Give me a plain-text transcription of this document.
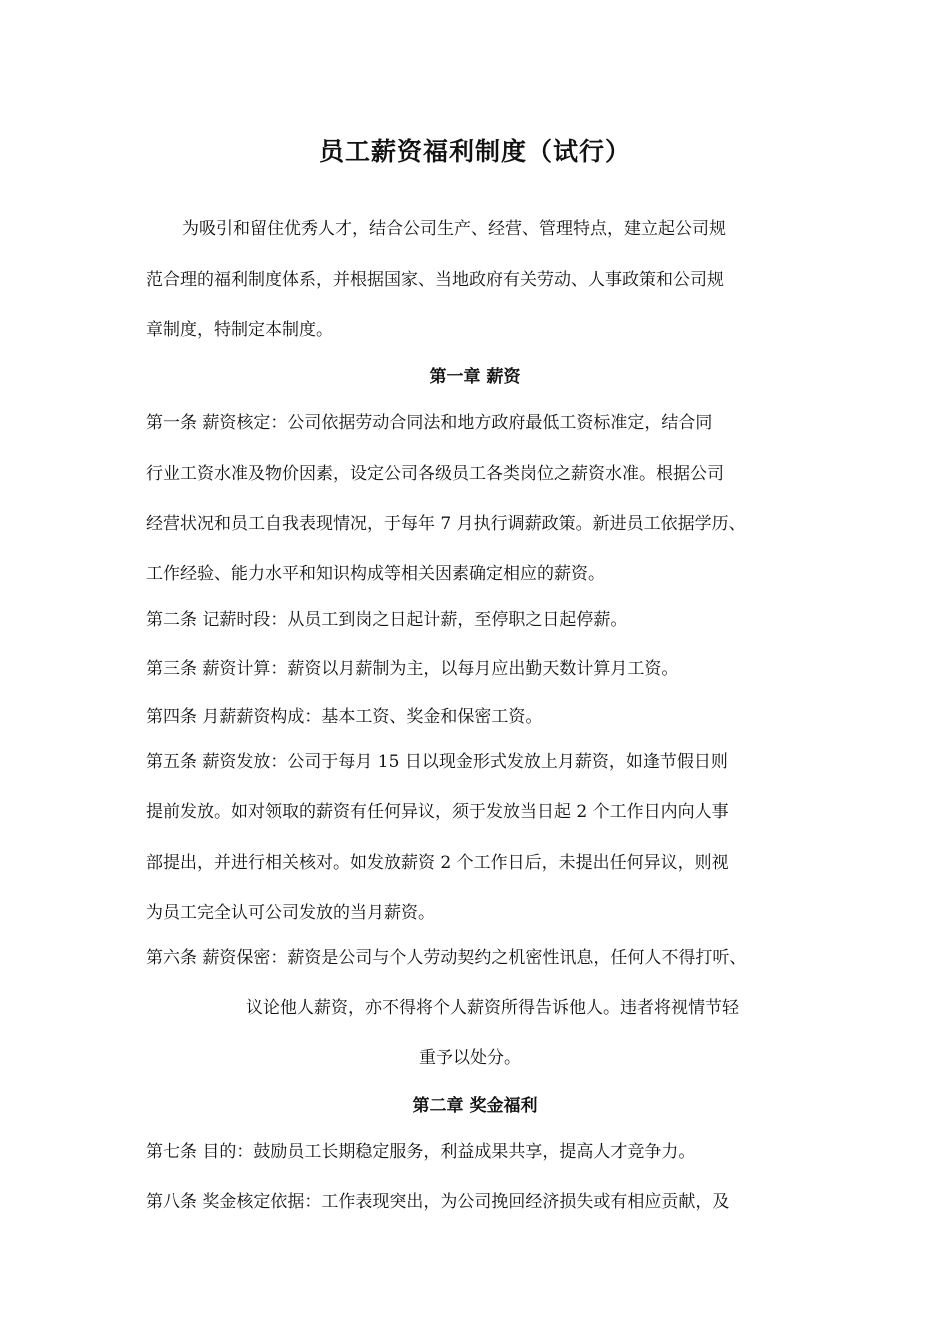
员工薪资福利制度（试行）
为吸引和留住优秀人才，结合公司生产、经营、管理特点，建立起公司规
范合理的福利制度体系，并根据国家、当地政府有关劳动、人事政策和公司规
章制度，特制定本制度。
第一章 薪资
第一条 薪资核定：公司依据劳动合同法和地方政府最低工资标准定，结合同
行业工资水准及物价因素，设定公司各级员工各类岗位之薪资水准。根据公司
经营状况和员工自我表现情况，于每年 7 月执行调薪政策。新进员工依据学历、
工作经验、能力水平和知识构成等相关因素确定相应的薪资。
第二条 记薪时段：从员工到岗之日起计薪，至停职之日起停薪。
第三条 薪资计算：薪资以月薪制为主，以每月应出勤天数计算月工资。
第四条 月薪薪资构成：基本工资、奖金和保密工资。
第五条 薪资发放：公司于每月 15 日以现金形式发放上月薪资，如逢节假日则
提前发放。如对领取的薪资有任何异议，须于发放当日起 2 个工作日内向人事
部提出，并进行相关核对。如发放薪资 2 个工作日后，未提出任何异议，则视
为员工完全认可公司发放的当月薪资。
第六条 薪资保密：薪资是公司与个人劳动契约之机密性讯息，任何人不得打听、
议论他人薪资，亦不得将个人薪资所得告诉他人。违者将视情节轻
重予以处分。
第二章 奖金福利
第七条 目的：鼓励员工长期稳定服务，利益成果共享，提高人才竞争力。
第八条 奖金核定依据：工作表现突出，为公司挽回经济损失或有相应贡献，及
